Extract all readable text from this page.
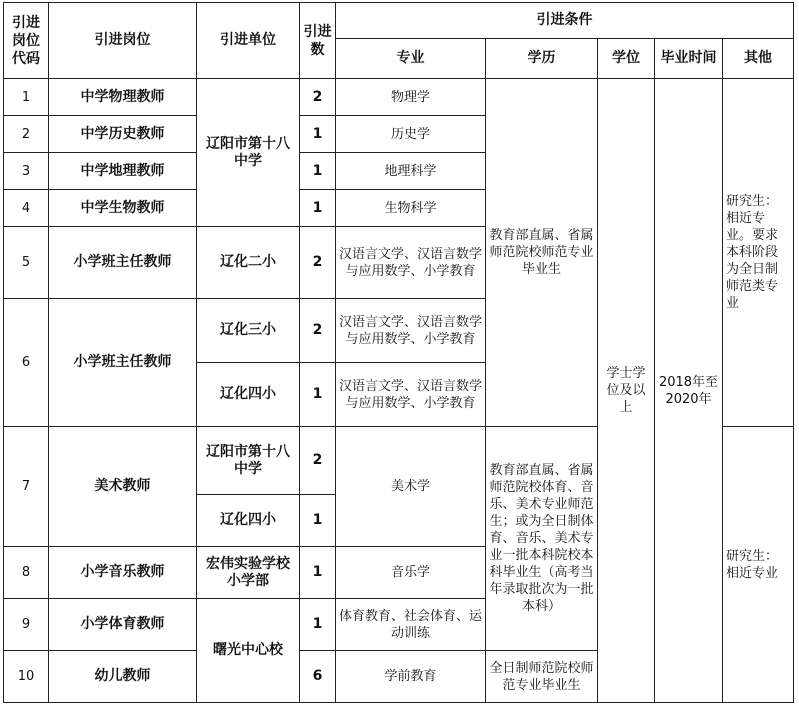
引进岗位代码	引进岗位	引进单位	引进数	引进条件				
				专业	学历	学位	毕业时间	其他
1	中学物理教师	辽阳市第十八中学	2	物理学	教育部直属、省属师范院校师范专业毕业生	学士学位及以上	2018年至2020年	研究生：相近专业。要求本科阶段为全日制师范类专业
2	中学历史教师		1	历史学				
3	中学地理教师		1	地理科学				
4	中学生物教师		1	生物科学				
5	小学班主任教师	辽化二小	2	汉语言文学、汉语言数学与应用数学、小学教育				
6	小学班主任教师	辽化三小	2	汉语言文学、汉语言数学与应用数学、小学教育				
		辽化四小	1	汉语言文学、汉语言数学与应用数学、小学教育				
7	美术教师	辽阳市第十八中学	2	美术学	教育部直属、省属师范院校体育、音乐、美术专业师范生；或为全日制体育、音乐、美术专业一批本科院校本科毕业生（高考当年录取批次为一批本科）			研究生：相近专业
		辽化四小	1					
8	小学音乐教师	宏伟实验学校小学部	1	音乐学				
9	小学体育教师	曙光中心校	1	体育教育、社会体育、运动训练				
10	幼儿教师		6	学前教育	全日制师范院校师范专业毕业生			
